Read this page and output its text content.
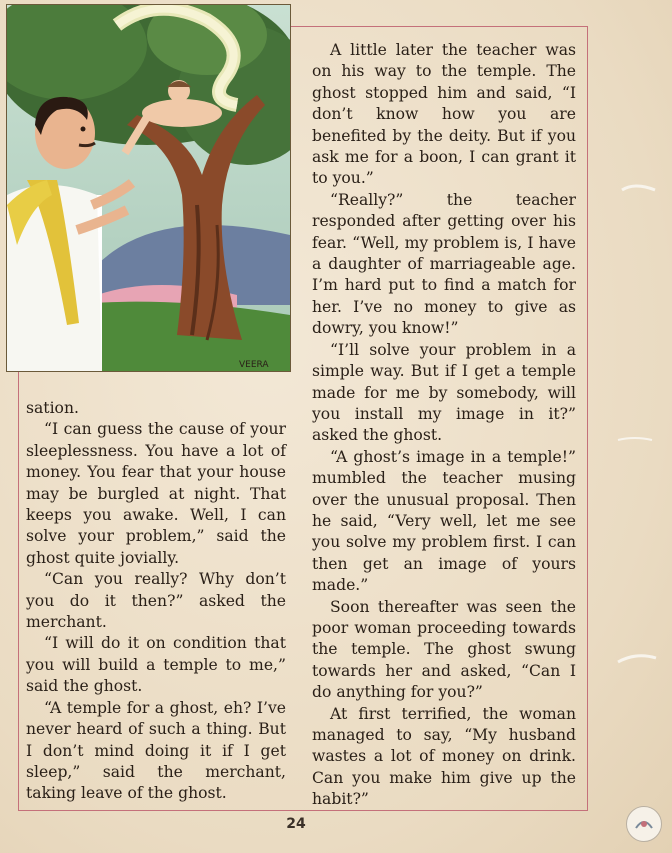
VEERA

sation.

“I can guess the cause of your sleeplessness. You have a lot of money. You fear that your house may be burgled at night. That keeps you awake. Well, I can solve your problem,” said the ghost quite jovially.

“Can you really? Why don’t you do it then?” asked the merchant.

“I will do it on condition that you will build a temple to me,” said the ghost.

“A temple for a ghost, eh? I’ve never heard of such a thing. But I don’t mind doing it if I get sleep,” said the merchant, taking leave of the ghost.

A little later the teacher was on his way to the temple. The ghost stopped him and said, “I don’t know how you are benefited by the deity. But if you ask me for a boon, I can grant it to you.”

“Really?” the teacher responded after getting over his fear. “Well, my problem is, I have a daughter of marriageable age. I’m hard put to find a match for her. I’ve no money to give as dowry, you know!”

“I’ll solve your problem in a simple way. But if I get a temple made for me by somebody, will you install my image in it?” asked the ghost.

“A ghost’s image in a temple!” mumbled the teacher musing over the unusual proposal. Then he said, “Very well, let me see you solve my problem first. I can then get an image of yours made.”

Soon thereafter was seen the poor woman proceeding towards the temple. The ghost swung towards her and asked, “Can I do anything for you?”

At first terrified, the woman managed to say, “My husband wastes a lot of money on drink. Can you make him give up the habit?”

24
